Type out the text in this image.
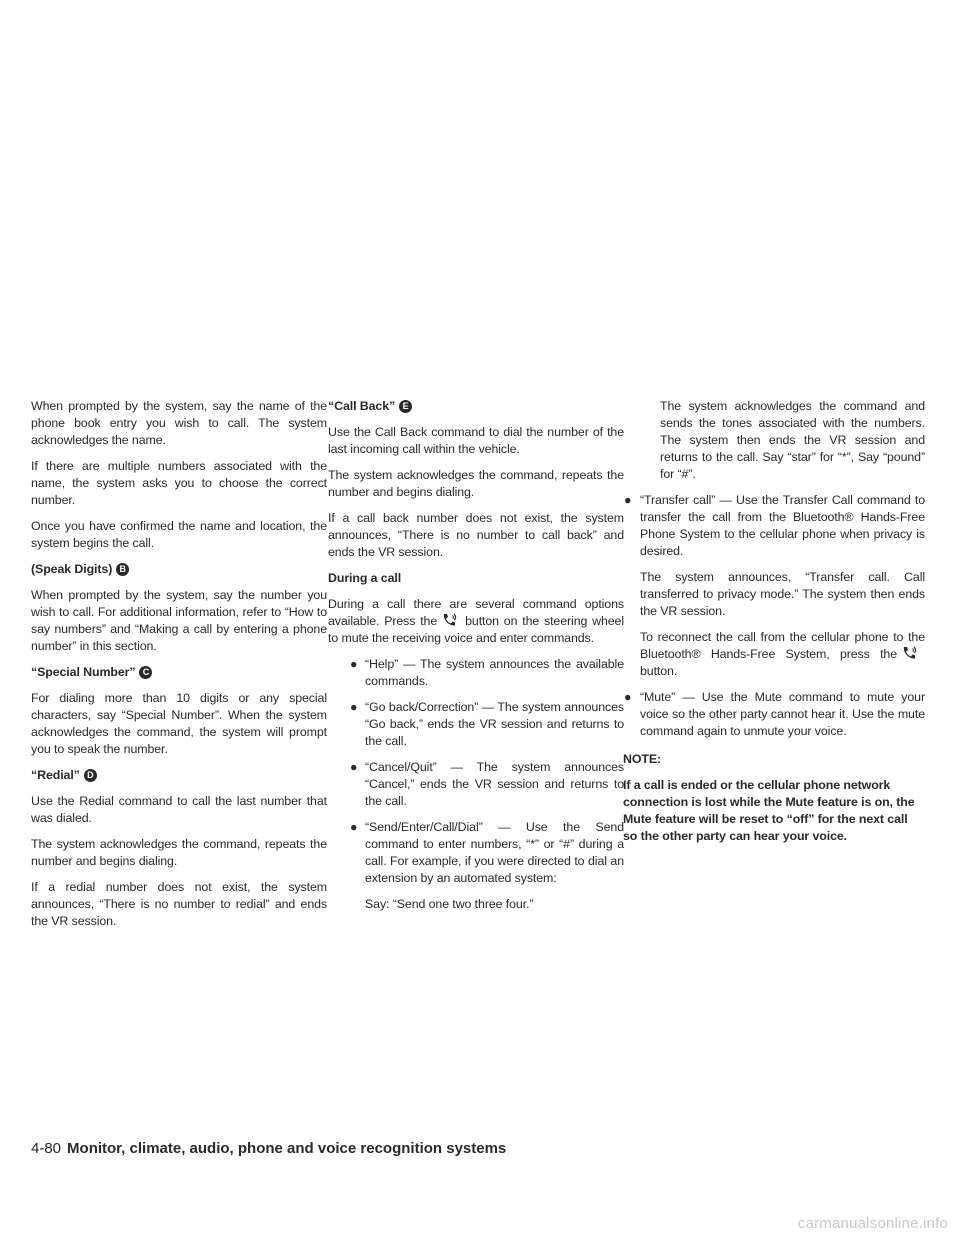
When prompted by the system, say the name of the phone book entry you wish to call. The system acknowledges the name.

If there are multiple numbers associated with the name, the system asks you to choose the correct number.

Once you have confirmed the name and location, the system begins the call.

(Speak Digits) B

When prompted by the system, say the number you wish to call. For additional information, refer to “How to say numbers” and “Making a call by entering a phone number” in this section.

“Special Number” C

For dialing more than 10 digits or any special characters, say “Special Number”. When the system acknowledges the command, the system will prompt you to speak the number.

“Redial” D

Use the Redial command to call the last number that was dialed.

The system acknowledges the command, repeats the number and begins dialing.

If a redial number does not exist, the system announces, “There is no number to redial” and ends the VR session.

“Call Back” E

Use the Call Back command to dial the number of the last incoming call within the vehicle.

The system acknowledges the command, repeats the number and begins dialing.

If a call back number does not exist, the system announces, “There is no number to call back” and ends the VR session.

During a call

During a call there are several command options available. Press the button on the steering wheel to mute the receiving voice and enter commands.

● “Help” — The system announces the available commands.
● “Go back/Correction” — The system announces “Go back,” ends the VR session and returns to the call.
● “Cancel/Quit” — The system announces “Cancel,” ends the VR session and returns to the call.
● “Send/Enter/Call/Dial” — Use the Send command to enter numbers, “*” or “#” during a call. For example, if you were directed to dial an extension by an automated system:

Say: “Send one two three four.”

The system acknowledges the command and sends the tones associated with the numbers. The system then ends the VR session and returns to the call. Say “star” for “*”, Say “pound” for “#”.

● “Transfer call” — Use the Transfer Call command to transfer the call from the Bluetooth® Hands-Free Phone System to the cellular phone when privacy is desired.

The system announces, “Transfer call. Call transferred to privacy mode.” The system then ends the VR session.

To reconnect the call from the cellular phone to the Bluetooth® Hands-Free System, press thebutton.

● “Mute” — Use the Mute command to mute your voice so the other party cannot hear it. Use the mute command again to unmute your voice.
NOTE:

If a call is ended or the cellular phone network connection is lost while the Mute feature is on, the Mute feature will be reset to “off” for the next call so the other party can hear your voice.

4-80 Monitor, climate, audio, phone and voice recognition systems
carmanualsonline.info
